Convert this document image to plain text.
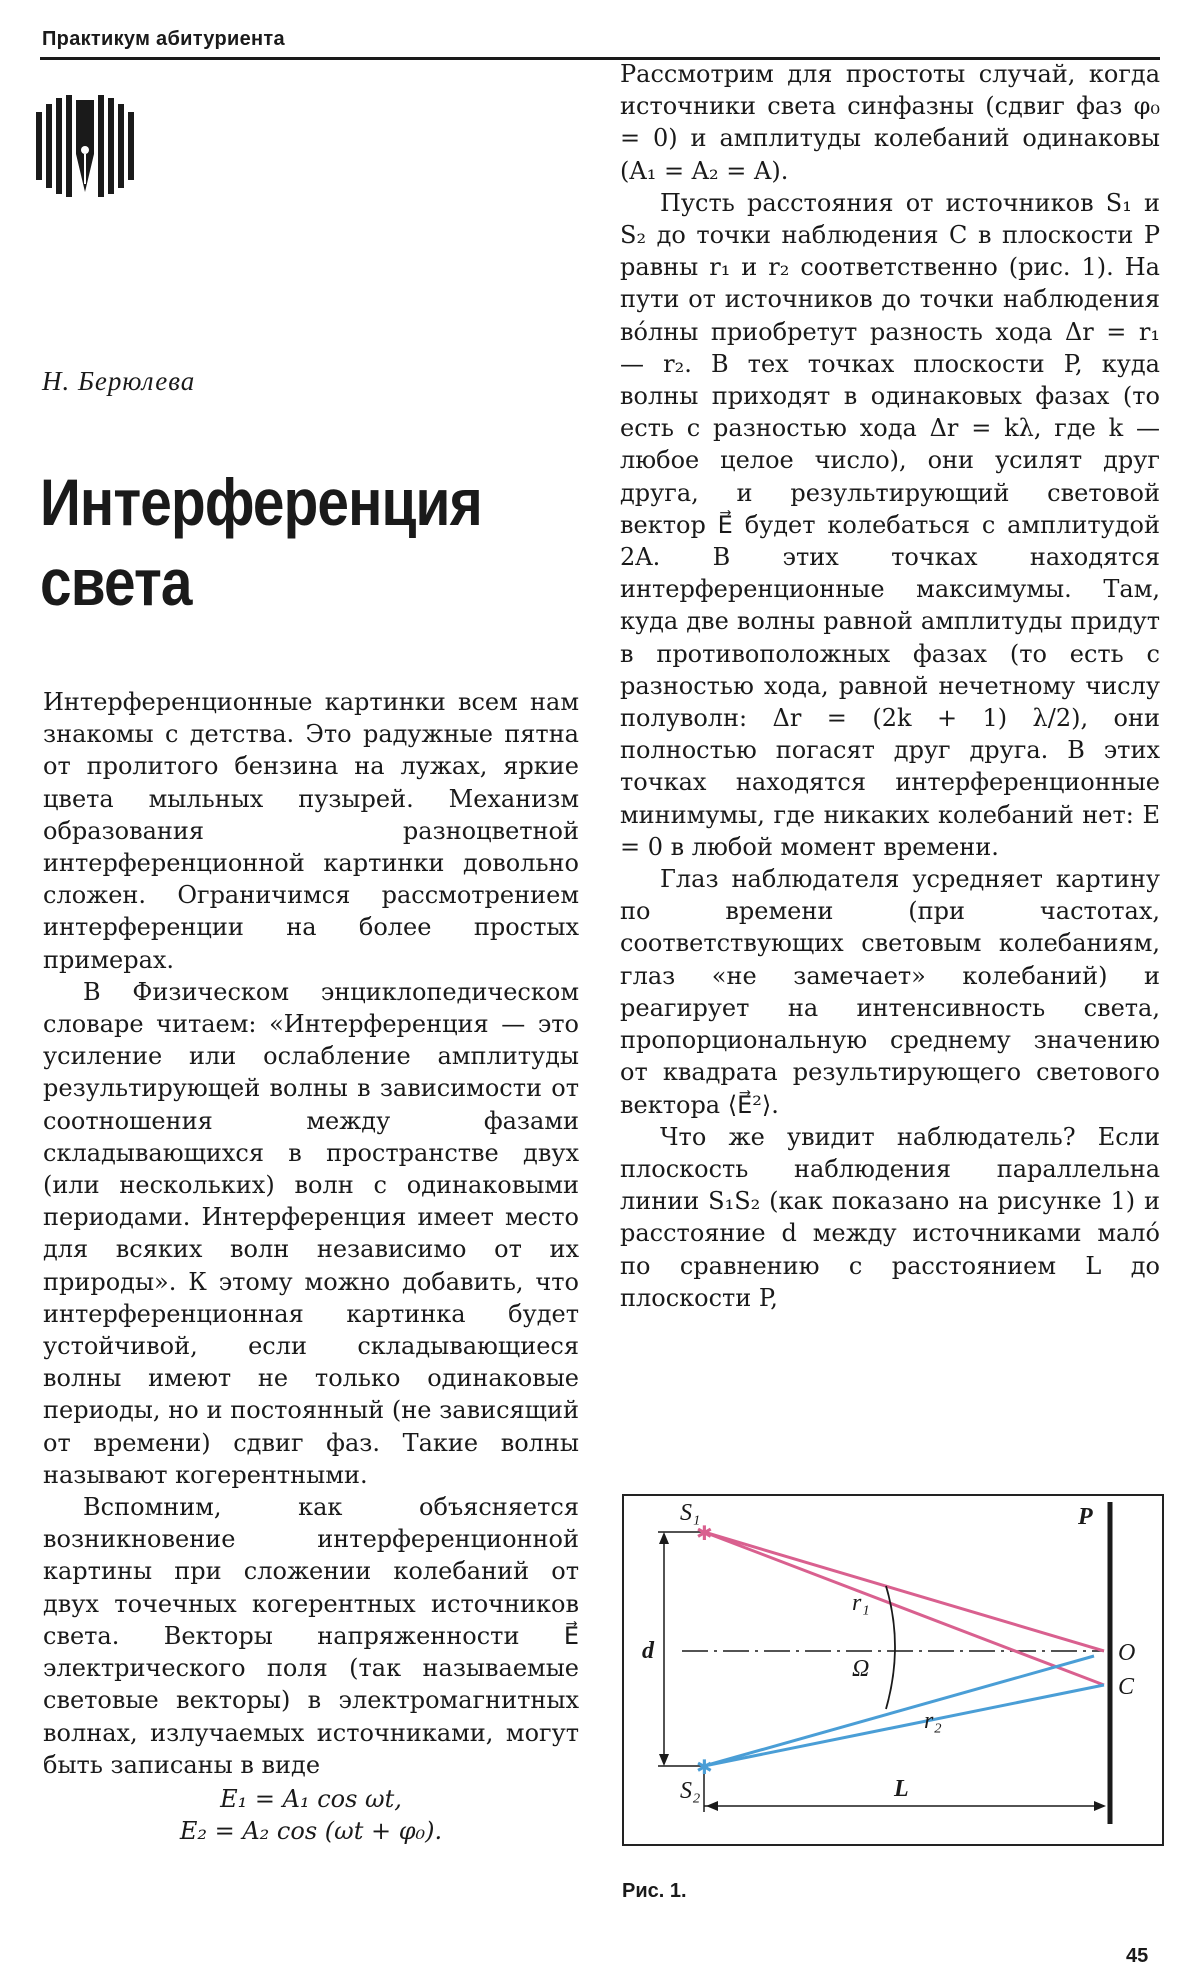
Практикум абитуриента
Н. Берюлева
Интерференция
света

Интерференционные картинки всем нам знакомы с детства. Это радужные пятна от пролитого бензина на лужах, яркие цвета мыльных пузырей. Механизм образования разноцветной интерференционной картинки довольно сложен. Ограничимся рассмотрением интерференции на более простых примерах.

В Физическом энциклопедическом словаре читаем: «Интерференция — это усиление или ослабление амплитуды результирующей волны в зависимости от соотношения между фазами складывающихся в пространстве двух (или нескольких) волн с одинаковыми периодами. Интерференция имеет место для всяких волн независимо от их природы». К этому можно добавить, что интерференционная картинка будет устойчивой, если складывающиеся волны имеют не только одинаковые периоды, но и постоянный (не зависящий от времени) сдвиг фаз. Такие волны называют когерентными.

Вспомним, как объясняется возникновение интерференционной картины при сложении колебаний от двух точечных когерентных источников света. Векторы напряженности E⃗ электрического поля (так называемые световые векторы) в электромагнитных волнах, излучаемых источниками, могут быть записаны в виде

E₁ = A₁ cos ωt,
E₂ = A₂ cos (ωt + φ₀).

Рассмотрим для простоты случай, когда источники света синфазны (сдвиг фаз φ₀ = 0) и амплитуды колебаний одинаковы (A₁ = A₂ = A).

Пусть расстояния от источников S₁ и S₂ до точки наблюдения C в плоскости P равны r₁ и r₂ соответственно (рис. 1). На пути от источников до точки наблюдения во́лны приобретут разность хода Δr = r₁ — r₂. В тех точках плоскости P, куда волны приходят в одинаковых фазах (то есть с разностью хода Δr = kλ, где k — любое целое число), они усилят друг друга, и результирующий световой вектор E⃗ будет колебаться с амплитудой 2A. В этих точках находятся интерференционные максимумы. Там, куда две волны равной амплитуды придут в противоположных фазах (то есть с разностью хода, равной нечетному числу полуволн: Δr = (2k + 1) λ/2), они полностью погасят друг друга. В этих точках находятся интерференционные минимумы, где никаких колебаний нет: E = 0 в любой момент времени.

Глаз наблюдателя усредняет картину по времени (при частотах, соответствующих световым колебаниям, глаз «не замечает» колебаний) и реагирует на интенсивность света, пропорциональную среднему значению от квадрата результирующего светового вектора ⟨E⃗²⟩.

Что же увидит наблюдатель? Если плоскость наблюдения параллельна линии S₁S₂ (как показано на рисунке 1) и расстояние d между источниками мало́ по сравнению с расстоянием L до плоскости P,

✱
✱
S₁
S₂
P
O
C
d
L
r₁
r₂
Ω
Рис. 1.
45
